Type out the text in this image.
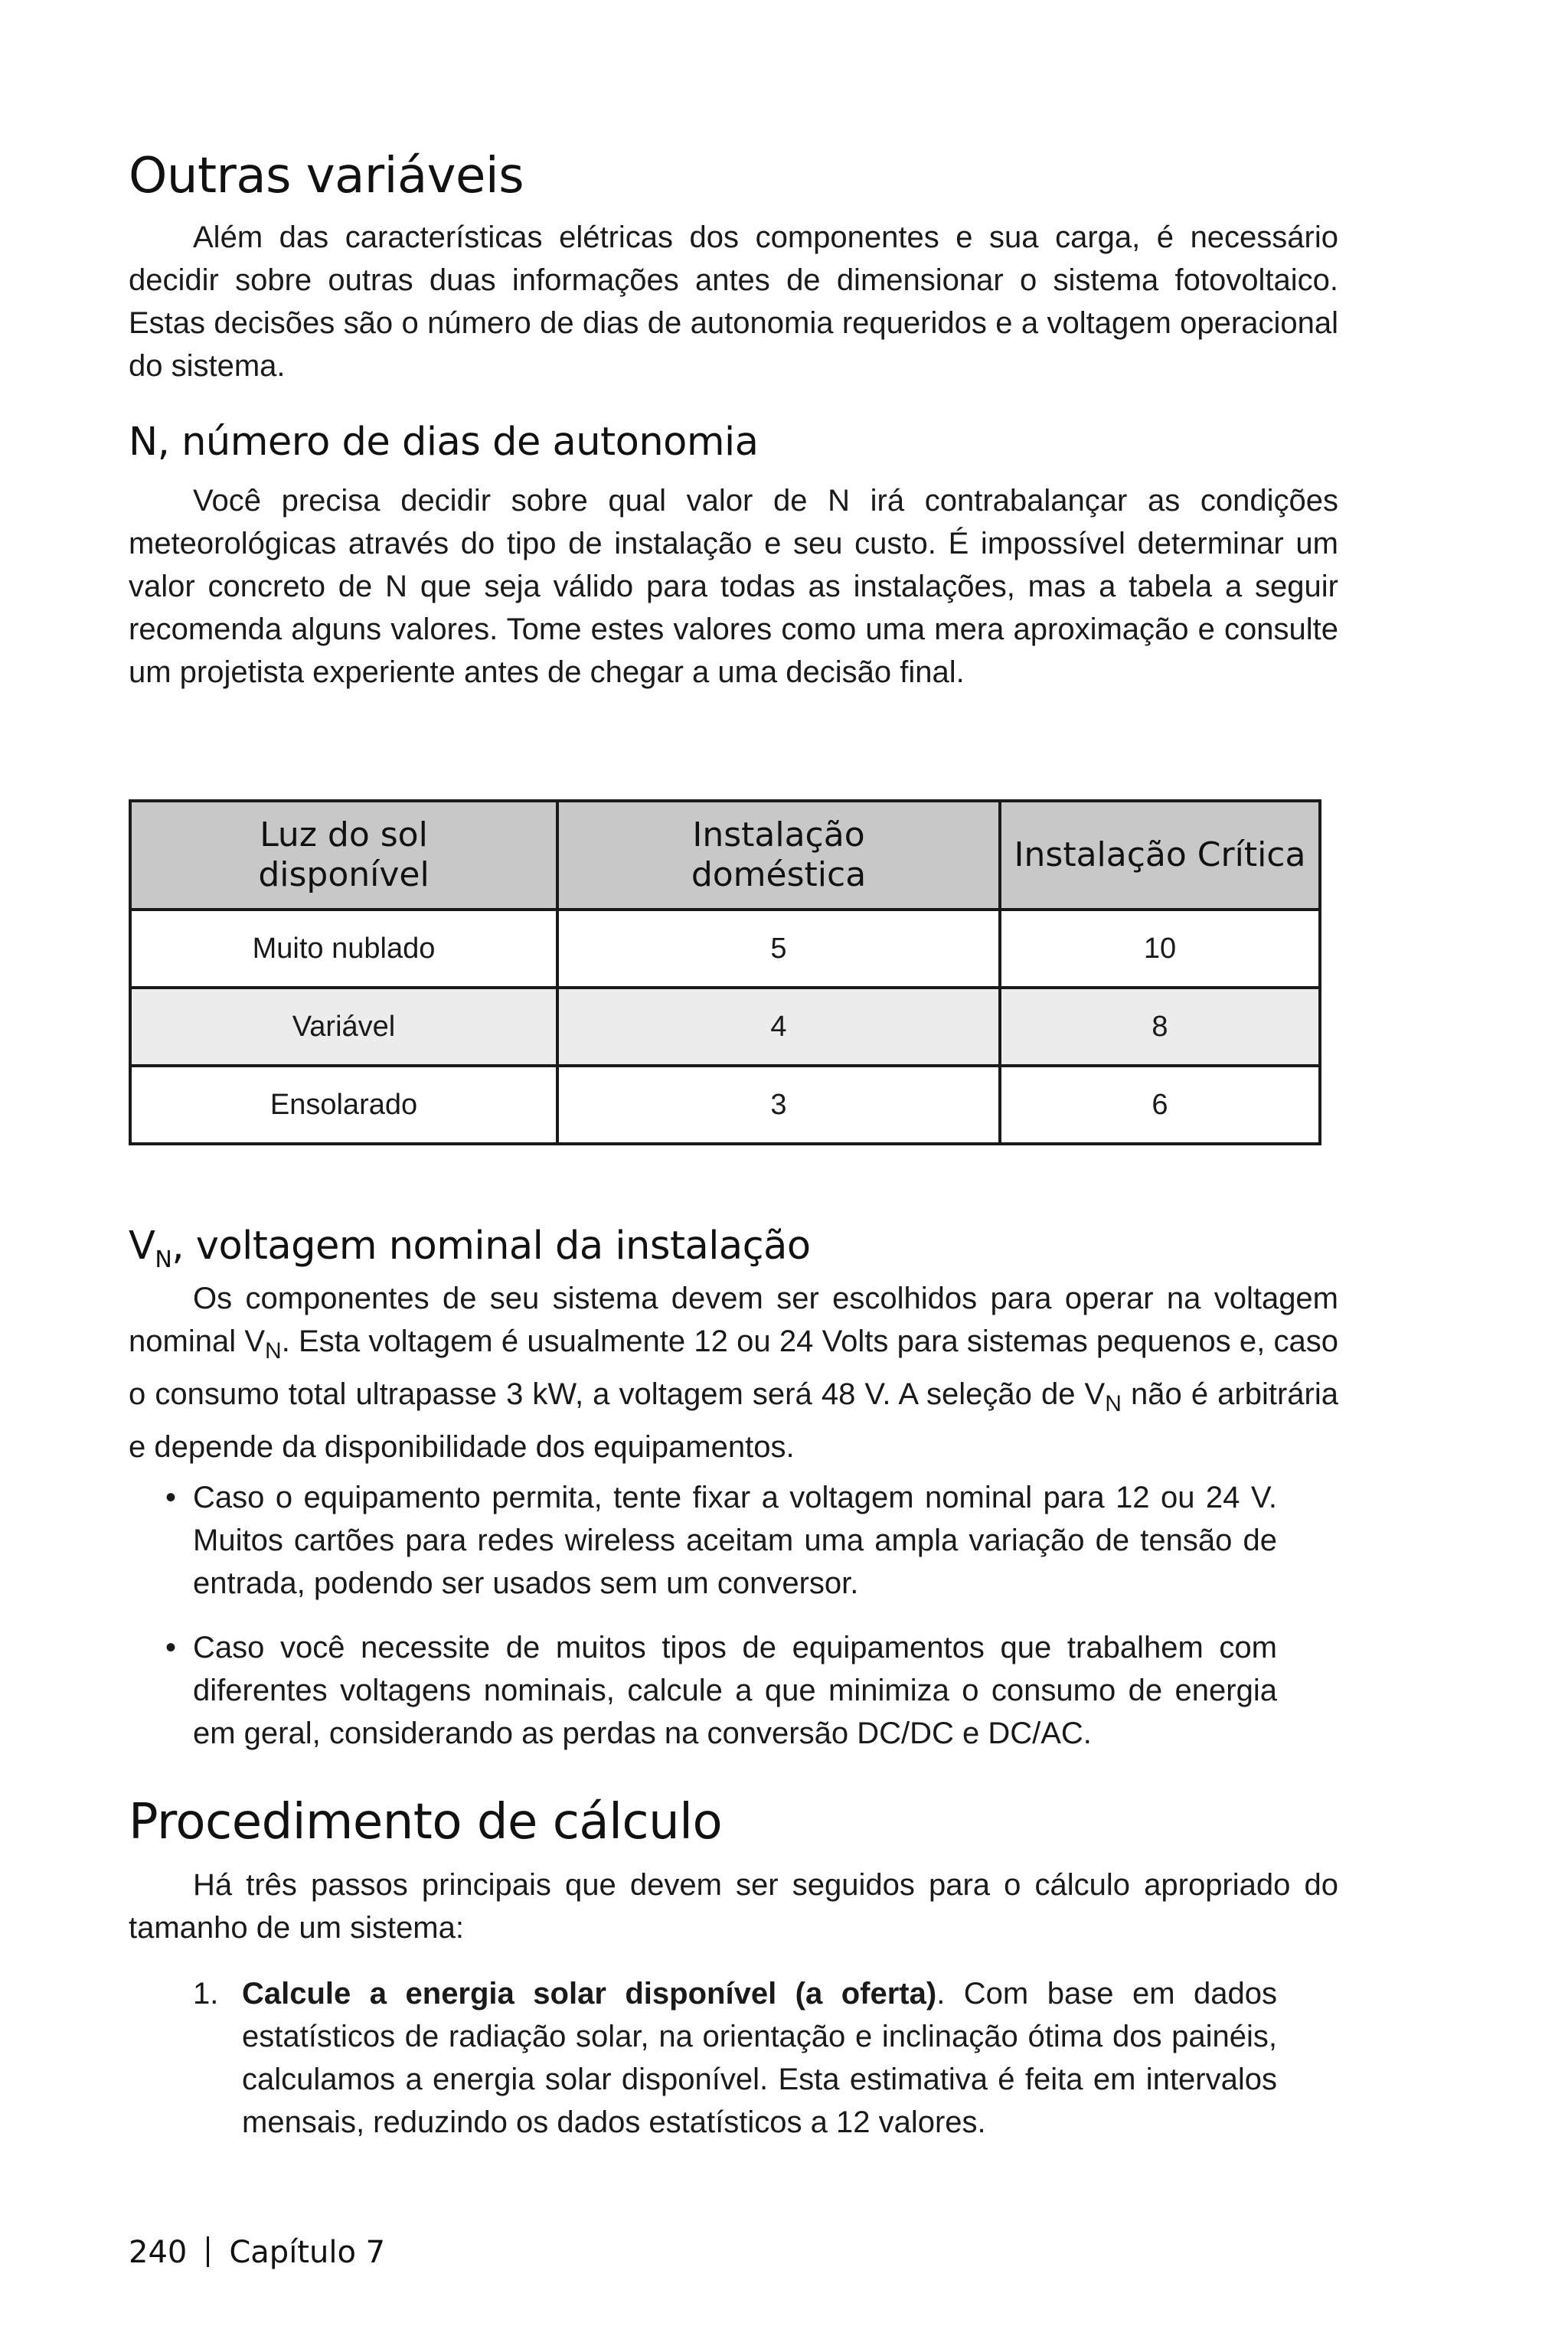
Outras variáveis

Além das características elétricas dos componentes e sua carga, é necessário decidir sobre outras duas informações antes de dimensionar o sistema fotovoltaico. Estas decisões são o número de dias de autonomia requeridos e a voltagem operacional do sistema.

N, número de dias de autonomia

Você precisa decidir sobre qual valor de N irá contrabalançar as condições meteorológicas através do tipo de instalação e seu custo. É impossível determinar um valor concreto de N que seja válido para todas as instalações, mas a tabela a seguir recomenda alguns valores. Tome estes valores como uma mera aproximação e consulte um projetista experiente antes de chegar a uma decisão final.

$V_N$, voltagem nominal da instalação

Os componentes de seu sistema devem ser escolhidos para operar na voltagem nominal $V_N$. Esta voltagem é usualmente 12 ou 24 Volts para sistemas pequenos e, caso o consumo total ultrapasse 3 kW, a voltagem será 48 V. A seleção de $V_N$ não é arbitrária e depende da disponibilidade dos equipamentos.

• Caso o equipamento permita, tente fixar a voltagem nominal para 12 ou 24 V. Muitos cartões para redes wireless aceitam uma ampla variação de tensão de entrada, podendo ser usados sem um conversor.
• Caso você necessite de muitos tipos de equipamentos que trabalhem com diferentes voltagens nominais, calcule a que minimiza o consumo de energia em geral, considerando as perdas na conversão DC/DC e DC/AC.
Procedimento de cálculo

Há três passos principais que devem ser seguidos para o cálculo apropriado do tamanho de um sistema:

1. Calcule a energia solar disponível (a oferta). Com base em dados estatísticos de radiação solar, na orientação e inclinação ótima dos painéis, calculamos a energia solar disponível. Esta estimativa é feita em intervalos mensais, reduzindo os dados estatísticos a 12 valores.
Luz do sol disponível	Instalação doméstica	Instalação Crítica
Muito nublado	5	10
Variável	4	8
Ensolarado	3	6
240 Capítulo 7
